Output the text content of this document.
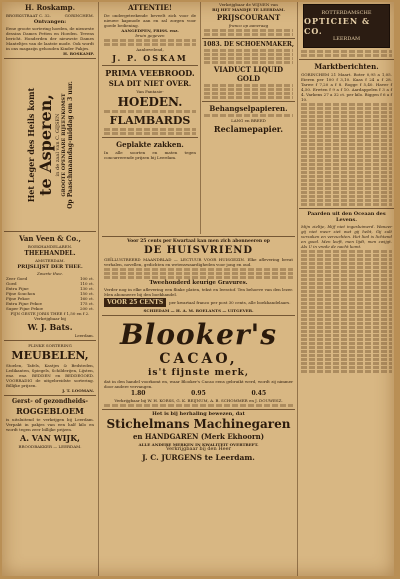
H. Roskamp.
BROEKSTRAAT C. 32.	GORINCHEM.
Ontvangen:
Eene groote sortering hoeden, de nieuwste dessins Dames Petten en Hoeden. Tevens bericht. Honderden der nieuwste Dames Manteltjes van de laatste mode. Ook wordt in ons magazijn gehouden Kinder Pakjes.
H. ROSKAMP.
Het Leger des Heils komt te Asperen, in de zaal van C. GIJSEN GROOTE OPENBARE BIJEENKOMST Op Paaschmaandag-middag om 3 uur.
Van Veen & Co.,
BOEKHANDELAREN.
THEEHANDEL.
AMSTERDAM.
PRIJSLIJST DER THEE.
Zwarte thee.
Zeer Goed	100 ct.
Goed	110 ct.
Extra Fijne	130 ct.
Fijne Souchon	150 ct.
Fijne Pekoe	160 ct.
Extra Fijne Pekoe	175 ct.
Super Fijne Pekoe	200 ct.
FIJN GESTE JORIS THEE f 1,50 en f 2.
Verkrijgbaar bij
W. J. Bats.
Leerdam.
FLINKE SORTERING
MEUBELEN,
Stoelen, Tafels, Kastjes & Bedsteden, Ledikanten, Spiegels, Schilderijen, Lijsten, enz. enz. BEDDEN en BEDDEGOED. VOORRADIG de uitgebreidste sortering. Billijke prijzen.
J. T. LOOMAN.
Gerst- of gezondheids-
ROGGEBLOEM
is uitsluitend te verkrijgen bij Leerdam. Verpakt in pakjes van een half kilo en wordt tegen zeer billijke prijzen.
A. VAN WIJK,
BROODBAKKER — LEERDAM.
ATTENTIE!
De ondergeteekende beveelt zich voor de nieuwe kapmode aan en zal zorgen voor goede bediening.
AANGEDPEN, FRISS. enz.
bruin gegeven
Aanbevelend,
J. P. OSKAM
PRIMA VEEBROOD.
SLA DIT NIET OVER.
Van Fantasie-
HOEDEN.
FLAMBARDS
Geplakte zakken.
In alle soorten en maten tegen concurrerende prijzen bij Leerdam.
Verkrijgbaar de WIJNEN van
BIJ HET MANDJE TE LEERDAM.
PRIJSCOURANT
franco op aanvraag
1083. DE SCHOENMAKER,
VIADUCT LIQUID GOLD
Behangselpapieren.
LANG en BREED
Reclamepapier.
ROTTERDAMSCHE
OPTICIEN & CO.
LEERDAM
Marktberichten.
GORINCHEM 21 Maart. Boter 0,95 a 1,05. Eieren per 100 f 3,10. Kaas f 24 a f 28. Tarwe f 7,20 a f 8. Rogge f 5,40. Haver f 4,50. Erwten f 9 a f 10. Aardappelen f 3 a f 4. Varkens 27 a 32 ct. per kilo. Biggen f 6 a f 10.
Paarden uit den Oceaan des Levens.
Mijn zieltje, blijf niet ingesluimerd. Waneer gij niet meer ziet wat gij hebt, Gij zult verzaken en verzuchten. Het lied is lichtend en goed. Men leeft, men lijdt, men zwijgt. Als U in vrede de nacht komt.
Voor 25 cents per Kwartaal kan men zich abonneeren op
DE HUISVRIEND
GEÏLLUSTREERD MAANDBLAD — LECTUUR VOOR HUISGEZIN. Elke aflevering bevat verhalen, novellen, gedichten en wetenswaardigheden voor jong en oud.
Tweehonderd keurige Gravures.
Verder nog in elke aflevering een flinke platen, tekst en leesstof. Ten behoeve van den lezer. Men abonneere bij den boekhandel.
VOOR 25 CENTS	per kwartaal franco per post 30 cents, alle boekhandelaars.
SCHIEDAM — H. A. M. ROELANTS — UITGEVER.
Blooker's
CACAO,
is't fijnste merk,
dat in den handel voorkomt en, waar Blooker's Cacao eens gebruikt werd, wordt zij nimmer door andere vervangen.
1.80	0.95	0.45
Verkrijgbaar bij W. H. KORSS, G. K. BEIJNUM, A. B. SCHOMMER en J. DOUWESZ.
Het is bij herhaling bewezen, dat
Stichelmans Machinegaren
en HANDGAREN (Merk Ekhoorn)
ALLE ANDERE MERKEN IN KWALITEIT OVERTREFT.
Verkrijgbaar bij den Heer
J. C. JURGENS te Leerdam.
